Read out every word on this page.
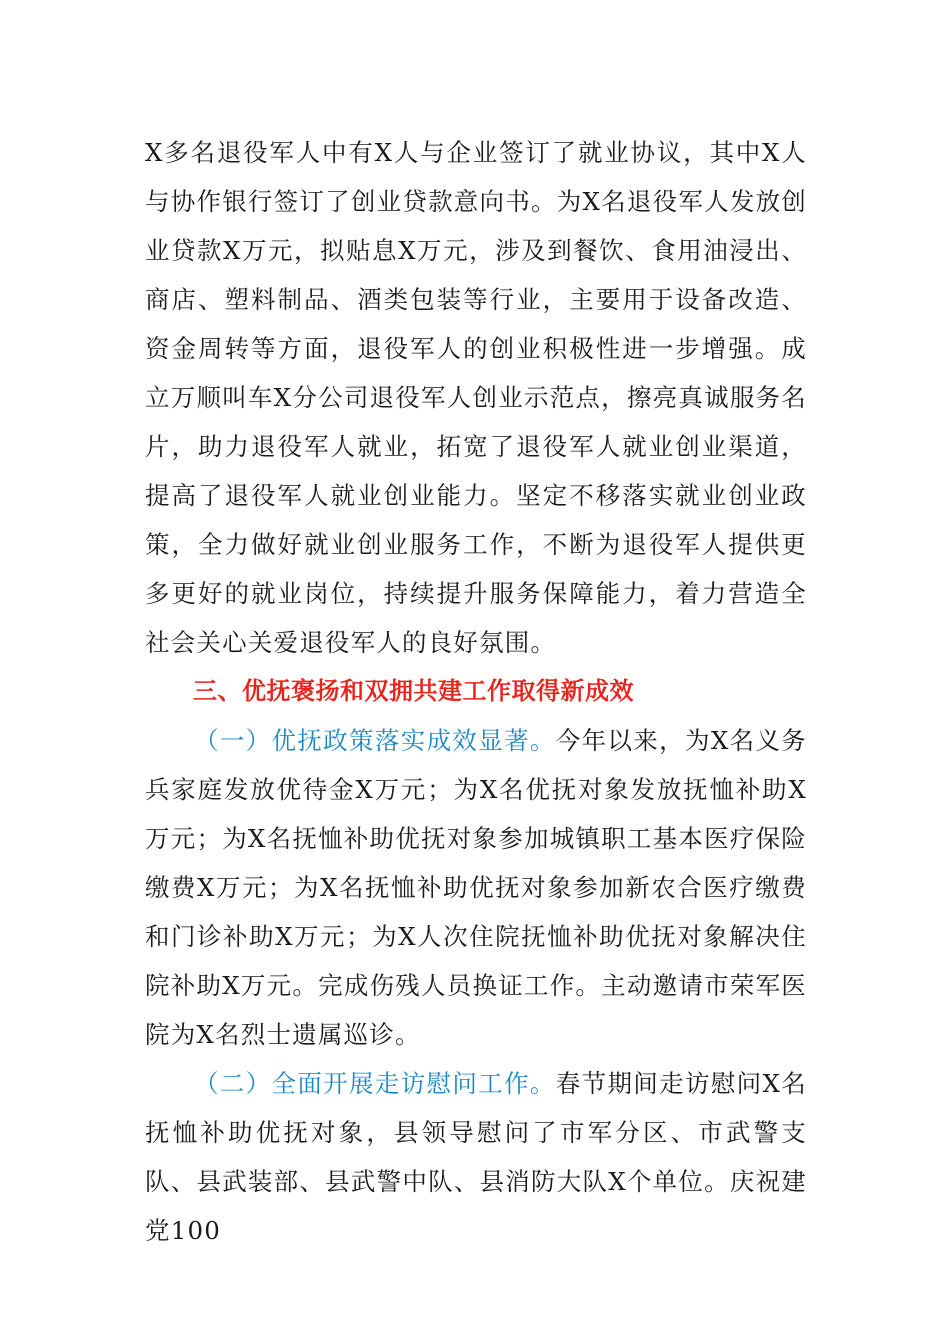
X多名退役军人中有X人与企业签订了就业协议，其中X人与协作银行签订了创业贷款意向书。为X名退役军人发放创业贷款X万元，拟贴息X万元，涉及到餐饮、食用油浸出、商店、塑料制品、酒类包装等行业，主要用于设备改造、资金周转等方面，退役军人的创业积极性进一步增强。成立万顺叫车X分公司退役军人创业示范点，擦亮真诚服务名片，助力退役军人就业，拓宽了退役军人就业创业渠道，提高了退役军人就业创业能力。坚定不移落实就业创业政策，全力做好就业创业服务工作，不断为退役军人提供更多更好的就业岗位，持续提升服务保障能力，着力营造全社会关心关爱退役军人的良好氛围。

三、优抚褒扬和双拥共建工作取得新成效

（一）优抚政策落实成效显著。今年以来，为X名义务兵家庭发放优待金X万元；为X名优抚对象发放抚恤补助X万元；为X名抚恤补助优抚对象参加城镇职工基本医疗保险缴费X万元；为X名抚恤补助优抚对象参加新农合医疗缴费和门诊补助X万元；为X人次住院抚恤补助优抚对象解决住院补助X万元。完成伤残人员换证工作。主动邀请市荣军医院为X名烈士遗属巡诊。

（二）全面开展走访慰问工作。春节期间走访慰问X名抚恤补助优抚对象，县领导慰问了市军分区、市武警支队、县武装部、县武警中队、县消防大队X个单位。庆祝建党100
